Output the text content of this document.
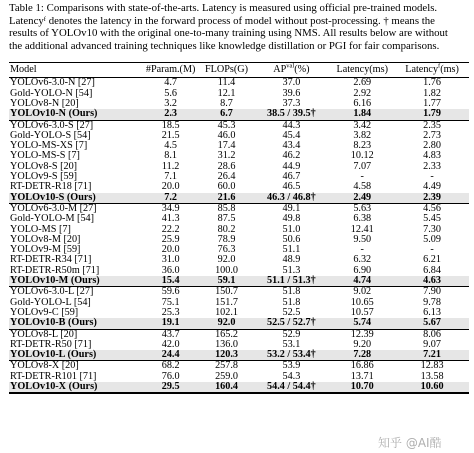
Table 1: Comparisons with state-of-the-arts. Latency is measured using official pre-trained models.
Latencyᶠ denotes the latency in the forward process of model without post-processing. † means the
results of YOLOv10 with the original one-to-many training using NMS. All results below are without
the additional advanced training techniques like knowledge distillation or PGI for fair comparisons.
Model	#Param.(M) FLOPs(G)	$AP^{val}(\%)$	Latency(ms)	Latency$^f$(ms)
YOLOv6-3.0-N [27]	4.7	11.4	37.0	2.69	1.76
Gold-YOLO-N [54]	5.6	12.1	39.6	2.92	1.82
YOLOv8-N [20]	3.2	8.7	37.3	6.16	1.77
YOLOv10-N (Ours)	2.3	6.7	38.5 / 39.5†	1.84	1.79
YOLOv6-3.0-S [27]	18.5	45.3	44.3	3.42	2.35
Gold-YOLO-S [54]	21.5	46.0	45.4	3.82	2.73
YOLO-MS-XS [7]	4.5	17.4	43.4	8.23	2.80
YOLO-MS-S [7]	8.1	31.2	46.2	10.12	4.83
YOLOv8-S [20]	11.2	28.6	44.9	7.07	2.33
YOLOv9-S [59]	7.1	26.4	46.7	-	-
RT-DETR-R18 [71]	20.0	60.0	46.5	4.58	4.49
YOLOv10-S (Ours)	7.2	21.6	46.3 / 46.8†	2.49	2.39
YOLOv6-3.0-M [27]	34.9	85.8	49.1	5.63	4.56
Gold-YOLO-M [54]	41.3	87.5	49.8	6.38	5.45
YOLO-MS [7]	22.2	80.2	51.0	12.41	7.30
YOLOv8-M [20]	25.9	78.9	50.6	9.50	5.09
YOLOv9-M [59]	20.0	76.3	51.1	-	-
RT-DETR-R34 [71]	31.0	92.0	48.9	6.32	6.21
RT-DETR-R50m [71]	36.0	100.0	51.3	6.90	6.84
YOLOv10-M (Ours)	15.4	59.1	51.1 / 51.3†	4.74	4.63
YOLOv6-3.0-L [27]	59.6	150.7	51.8	9.02	7.90
Gold-YOLO-L [54]	75.1	151.7	51.8	10.65	9.78
YOLOv9-C [59]	25.3	102.1	52.5	10.57	6.13
YOLOv10-B (Ours)	19.1	92.0	52.5 / 52.7†	5.74	5.67
YOLOv8-L [20]	43.7	165.2	52.9	12.39	8.06
RT-DETR-R50 [71]	42.0	136.0	53.1	9.20	9.07
YOLOv10-L (Ours)	24.4	120.3	53.2 / 53.4†	7.28	7.21
YOLOv8-X [20]	68.2	257.8	53.9	16.86	12.83
RT-DETR-R101 [71]	76.0	259.0	54.3	13.71	13.58
YOLOv10-X (Ours)	29.5	160.4	54.4 / 54.4†	10.70	10.60
知乎 @AI酷
